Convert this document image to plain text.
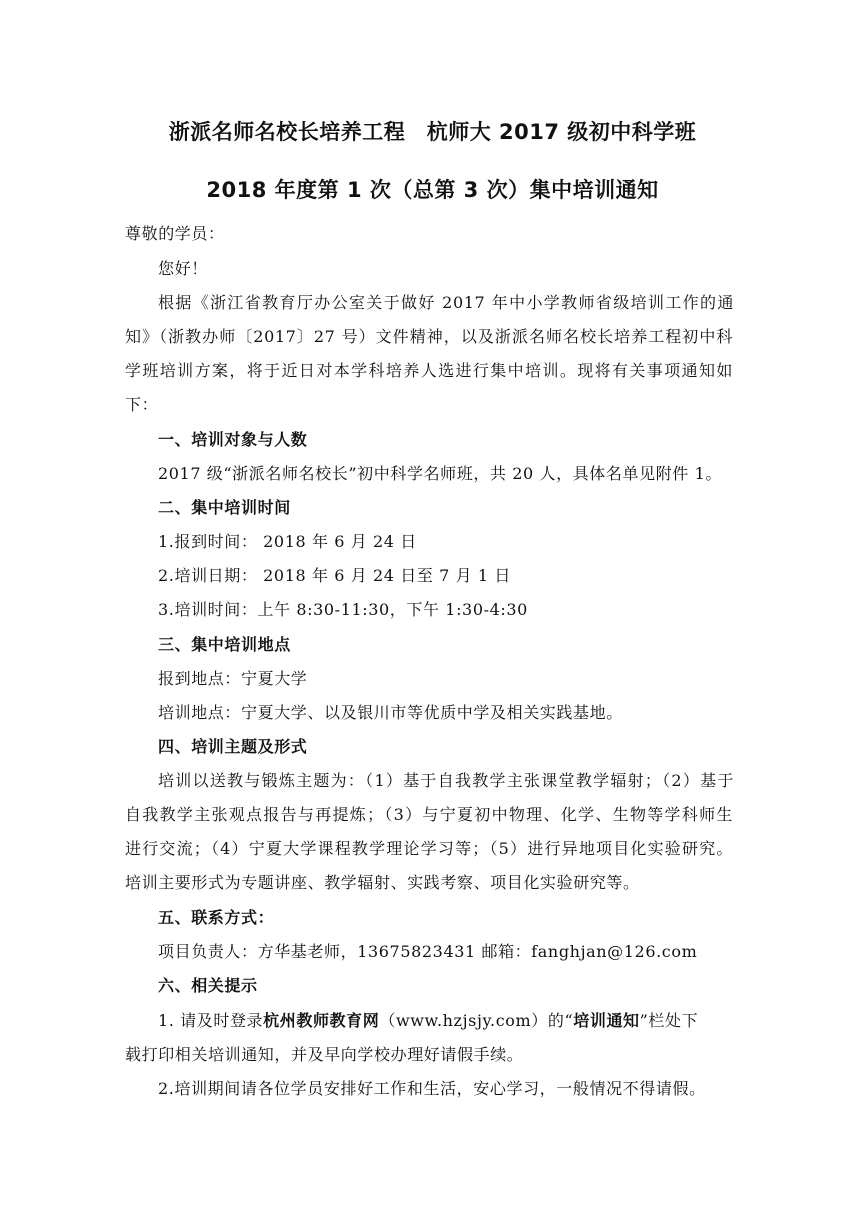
浙派名师名校长培养工程　杭师大 2017 级初中科学班
2018 年度第 1 次（总第 3 次）集中培训通知
尊敬的学员：
您好！
根据《浙江省教育厅办公室关于做好 2017 年中小学教师省级培训工作的通
知》（浙教办师〔2017〕27 号）文件精神，以及浙派名师名校长培养工程初中科
学班培训方案，将于近日对本学科培养人选进行集中培训。现将有关事项通知如
下：
一、培训对象与人数
2017 级“浙派名师名校长”初中科学名师班，共 20 人，具体名单见附件 1。
二、集中培训时间
1.报到时间： 2018 年 6 月 24 日
2.培训日期： 2018 年 6 月 24 日至 7 月 1 日
3.培训时间：上午 8:30-11:30，下午 1:30-4:30
三、集中培训地点
报到地点：宁夏大学
培训地点：宁夏大学、以及银川市等优质中学及相关实践基地。
四、培训主题及形式
培训以送教与锻炼主题为：（1）基于自我教学主张课堂教学辐射；（2）基于
自我教学主张观点报告与再提炼；（3）与宁夏初中物理、化学、生物等学科师生
进行交流；（4）宁夏大学课程教学理论学习等；（5）进行异地项目化实验研究。
培训主要形式为专题讲座、教学辐射、实践考察、项目化实验研究等。
五、联系方式：
项目负责人：方华基老师，13675823431 邮箱：fanghjan@126.com
六、相关提示
1. 请及时登录杭州教师教育网（www.hzjsjy.com）的“培训通知”栏处下
载打印相关培训通知，并及早向学校办理好请假手续。
2.培训期间请各位学员安排好工作和生活，安心学习，一般情况不得请假。
